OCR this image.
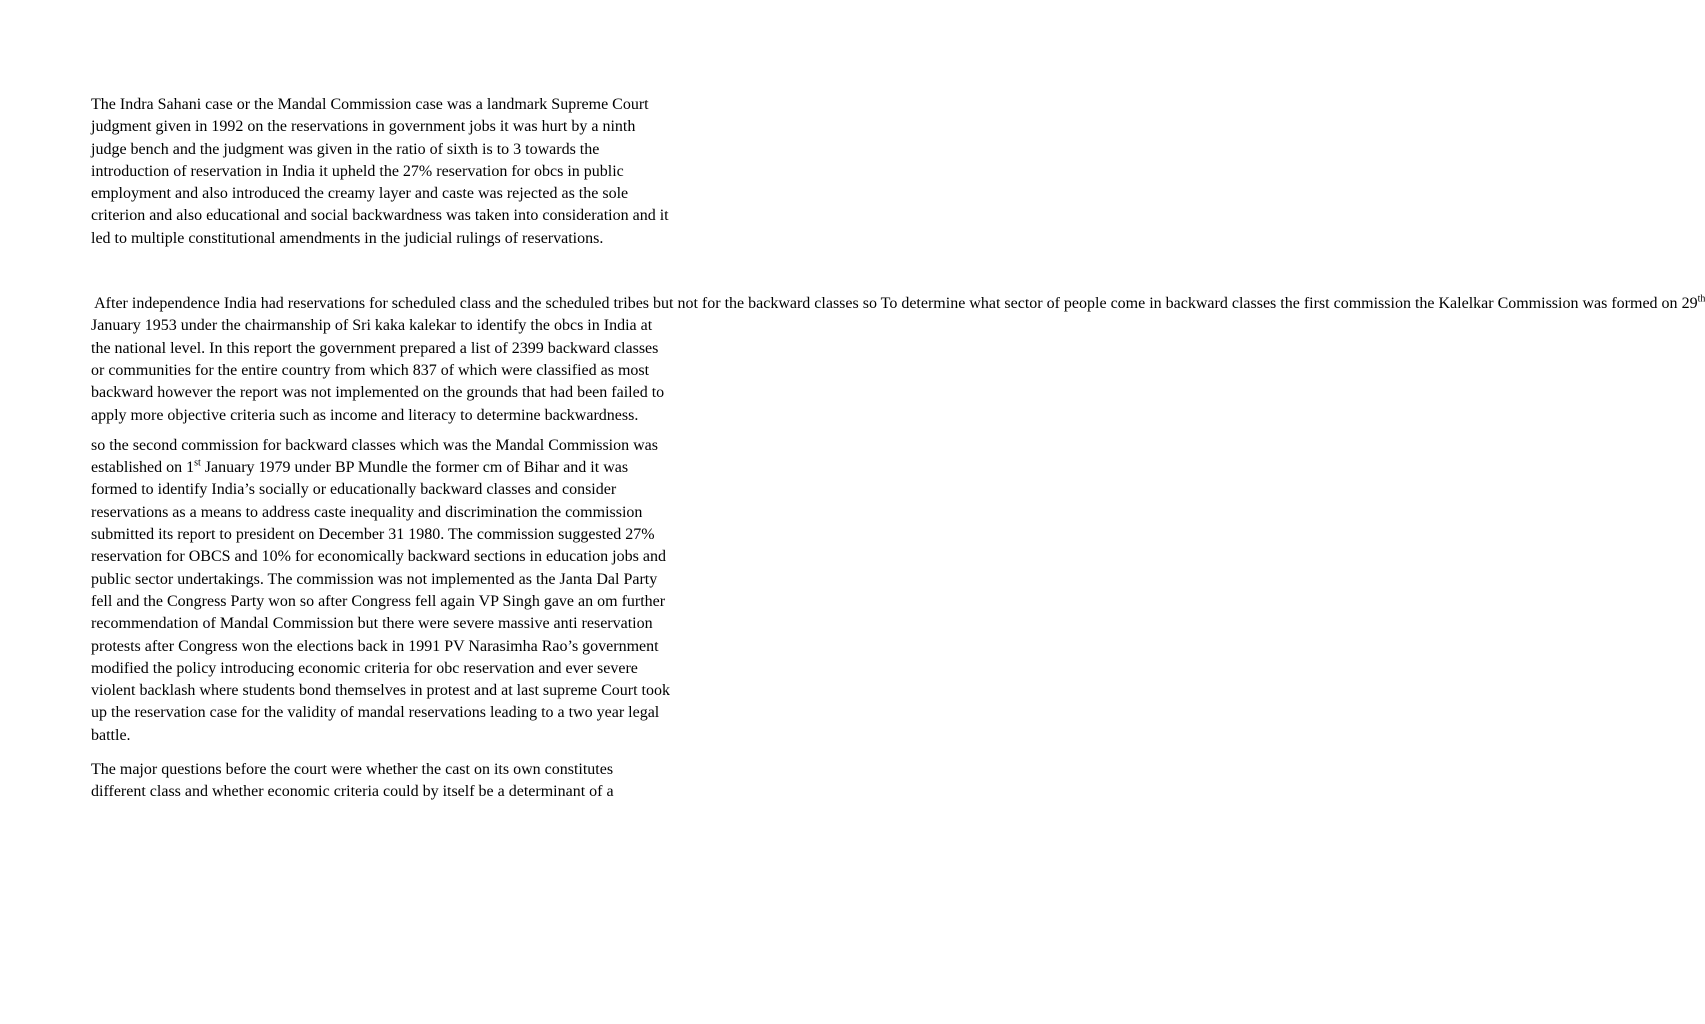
The Indra Sahani case or the Mandal Commission case was a landmark Supreme Court judgment given in 1992 on the reservations in government jobs it was hurt by a ninth judge bench and the judgment was given in the ratio of sixth is to 3 towards the introduction of reservation in India it upheld the 27% reservation for obcs in public employment and also introduced the creamy layer and caste was rejected as the sole criterion and also educational and social backwardness was taken into consideration and it led to multiple constitutional amendments in the judicial rulings of reservations.

After independence India had reservations for scheduled class and the scheduled tribes but not for the backward classes so To determine what sector of people come in backward classes the first commission the Kalelkar Commission was formed on 29th January 1953 under the chairmanship of Sri kaka kalekar to identify the obcs in India at the national level. In this report the government prepared a list of 2399 backward classes or communities for the entire country from which 837 of which were classified as most backward however the report was not implemented on the grounds that had been failed to apply more objective criteria such as income and literacy to determine backwardness.

so the second commission for backward classes which was the Mandal Commission was established on 1st January 1979 under BP Mundle the former cm of Bihar and it was formed to identify India’s socially or educationally backward classes and consider reservations as a means to address caste inequality and discrimination the commission submitted its report to president on December 31 1980. The commission suggested 27% reservation for OBCS and 10% for economically backward sections in education jobs and public sector undertakings. The commission was not implemented as the Janta Dal Party fell and the Congress Party won so after Congress fell again VP Singh gave an om further recommendation of Mandal Commission but there were severe massive anti reservation protests after Congress won the elections back in 1991 PV Narasimha Rao’s government modified the policy introducing economic criteria for obc reservation and ever severe violent backlash where students bond themselves in protest and at last supreme Court took up the reservation case for the validity of mandal reservations leading to a two year legal battle.

The major questions before the court were whether the cast on its own constitutes different class and whether economic criteria could by itself be a determinant of a
